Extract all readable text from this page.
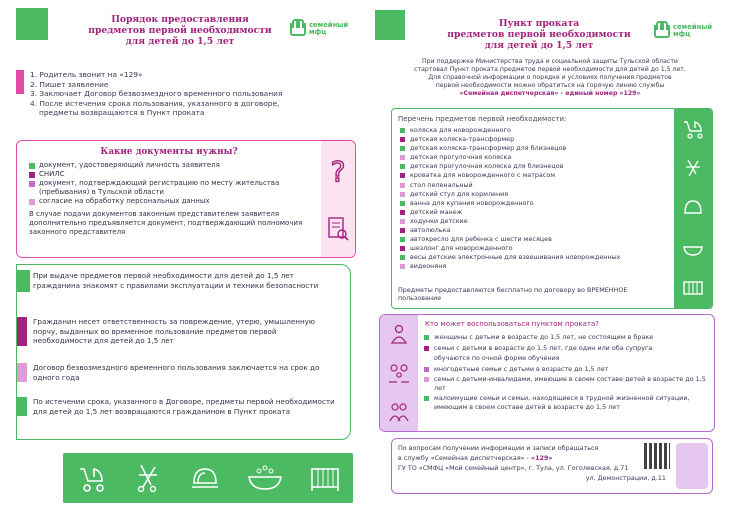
Порядок предоставления
предметов первой необходимости
для детей до 1,5 лет
семейный
мфц
1. Родитель звонит на «129»
2. Пишет заявление
3. Заключает Договор безвозмездного временного пользования
4. После истечения срока пользования, указанного в договоре,
предметы возвращаются в Пункт проката
?
Какие документы нужны?
документ, удостоверяющий личность заявителя
СНИЛС
документ, подтверждающий регистрацию по месту жительства (пребывания) в Тульской области
согласие на обработку персональных данных

В случае подачи документов законным представителем заявителя дополнительно предъявляется документ, подтверждающий полномочия законного представителя

При выдаче предметов первой необходимости для детей до 1,5 лет гражданина знакомят с правилами эксплуатации и техники безопасности
Гражданин несет ответственность за повреждение, утерю, умышленную порчу, выданных во временное пользование предметов первой необходимости для детей до 1,5 лет
Договор безвозмездного временного пользования заключается на срок до одного года
По истечении срока, указанного в Договоре, предметы первой необходимости для детей до 1,5 лет возвращаются гражданином в Пункт проката
Пункт проката
предметов первой необходимости
для детей до 1,5 лет
семейный
мфц
При поддержке Министерства труда и социальной защиты Тульской области
стартовал Пункт проката предметов первой необходимости для детей до 1,5 лет.
Для справочной информации о порядке и условиях получения предметов
первой необходимости можно обратиться на горячую линию службы
«Семейная диспетчерская» - единый номер «129»
Перечень предметов первой необходимости:
коляска для новорожденного
детская коляска-трансформер
детская коляска-трансформер для близнецов
детская прогулочная коляска
детская прогулочная коляска для близнецов
кроватка для новорожденного с матрасом
стол пеленальный
детский стул для кормления
ванна для купания новорожденного
детский манеж
ходунки детские
автолюлька
автокресло для ребенка с шести месяцев
шезлонг для новорожденного
весы детские электронные для взвешивания новорожденных
видеоняня
Предметы предоставляются бесплатно по договору во ВРЕМЕННОЕ пользование
Кто может воспользоваться пунктом проката?
женщины с детьми в возрасте до 1,5 лет, не состоящим в браке
семьи с детьми в возрасте до 1,5 лет, где один или оба супруга
обучаются по очной форме обучения
многодетные семьи с детьми в возрасте до 1,5 лет
семьи с детьми-инвалидами, имеющие в своем составе детей в возрасте до 1,5 лет
малоимущие семьи и семьи, находящиеся в трудной жизненной ситуации, имеющим в своем составе детей в возрасте до 1,5 лет
По вопросам получении информации и записи обращаться
в службу «Семейная диспетчерская» - «129»
ГУ ТО «СМФЦ «Мой семейный центр», г. Тула, ул. Гоголевская, д.71
ул. Демонстрации, д.11
